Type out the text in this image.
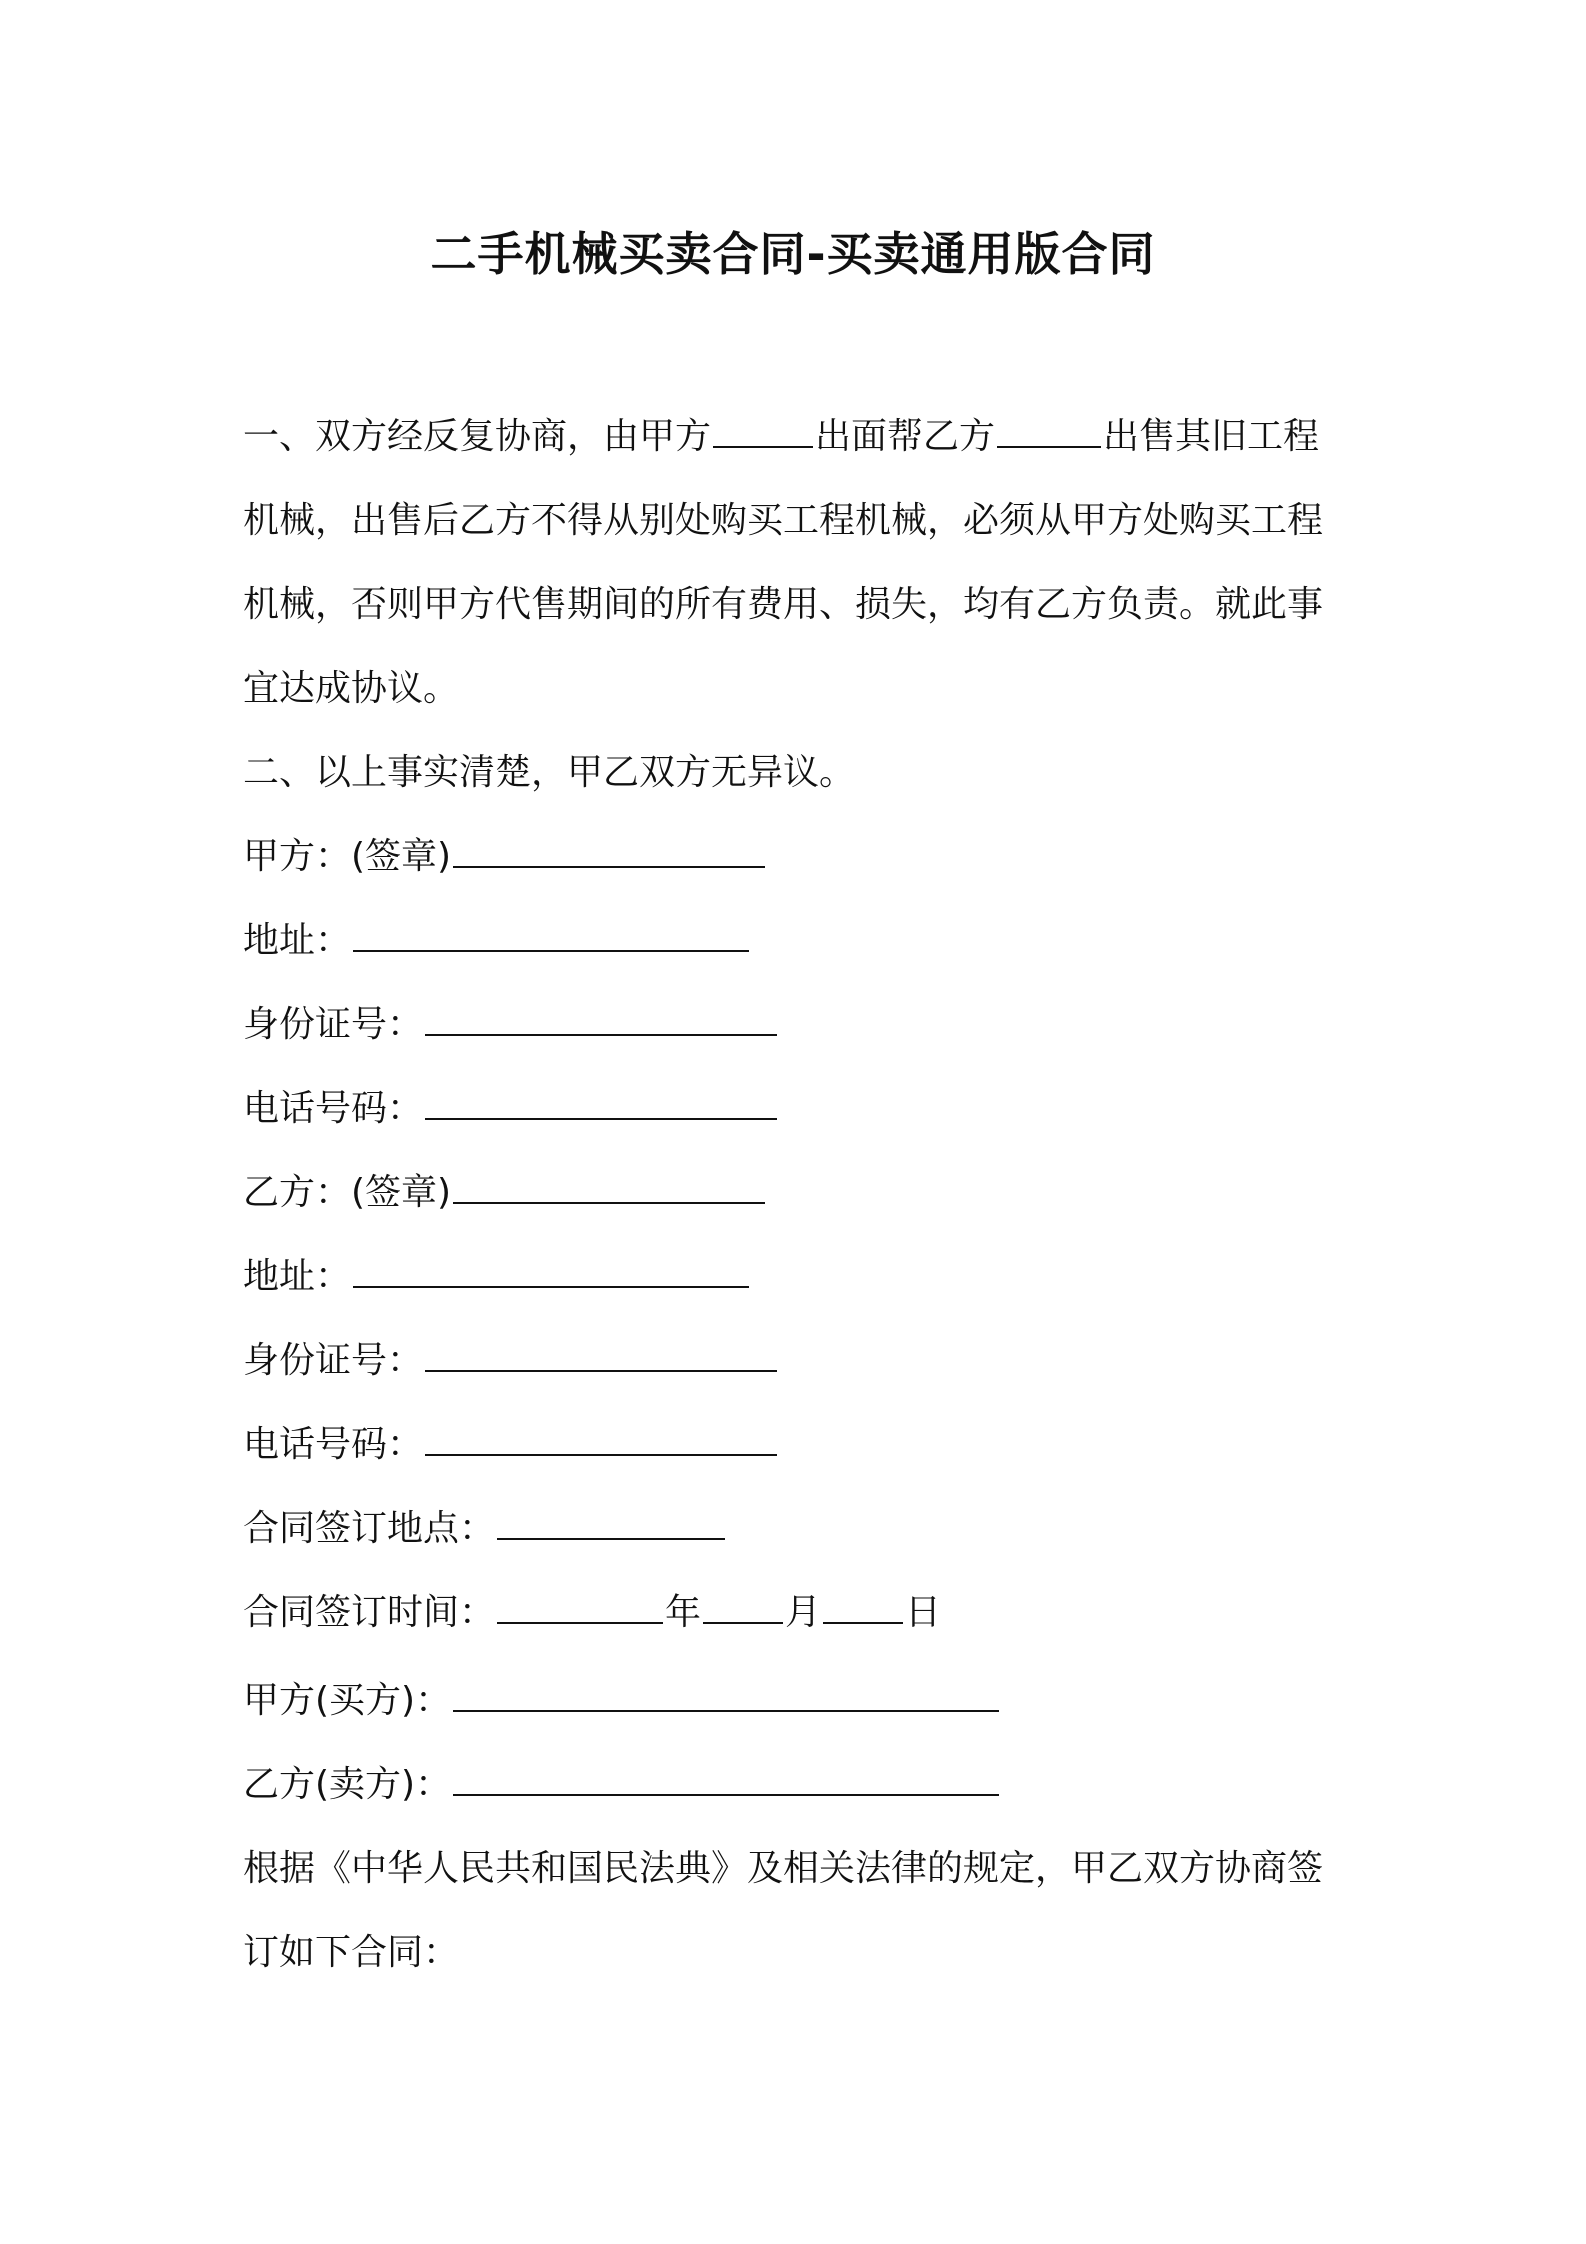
二手机械买卖合同-买卖通用版合同
一、双方经反复协商，由甲方	出面帮乙方	出售其旧工程
机械，出售后乙方不得从别处购买工程机械，必须从甲方处购买工程
机械，否则甲方代售期间的所有费用、损失，均有乙方负责。就此事
宜达成协议。
二、以上事实清楚，甲乙双方无异议。
甲方：(签章)
地址：
身份证号：
电话号码：
乙方：(签章)
地址：
身份证号：
电话号码：
合同签订地点：
合同签订时间：	年 月 日
甲方(买方)：
乙方(卖方)：
根据《中华人民共和国民法典》及相关法律的规定，甲乙双方协商签
订如下合同：
